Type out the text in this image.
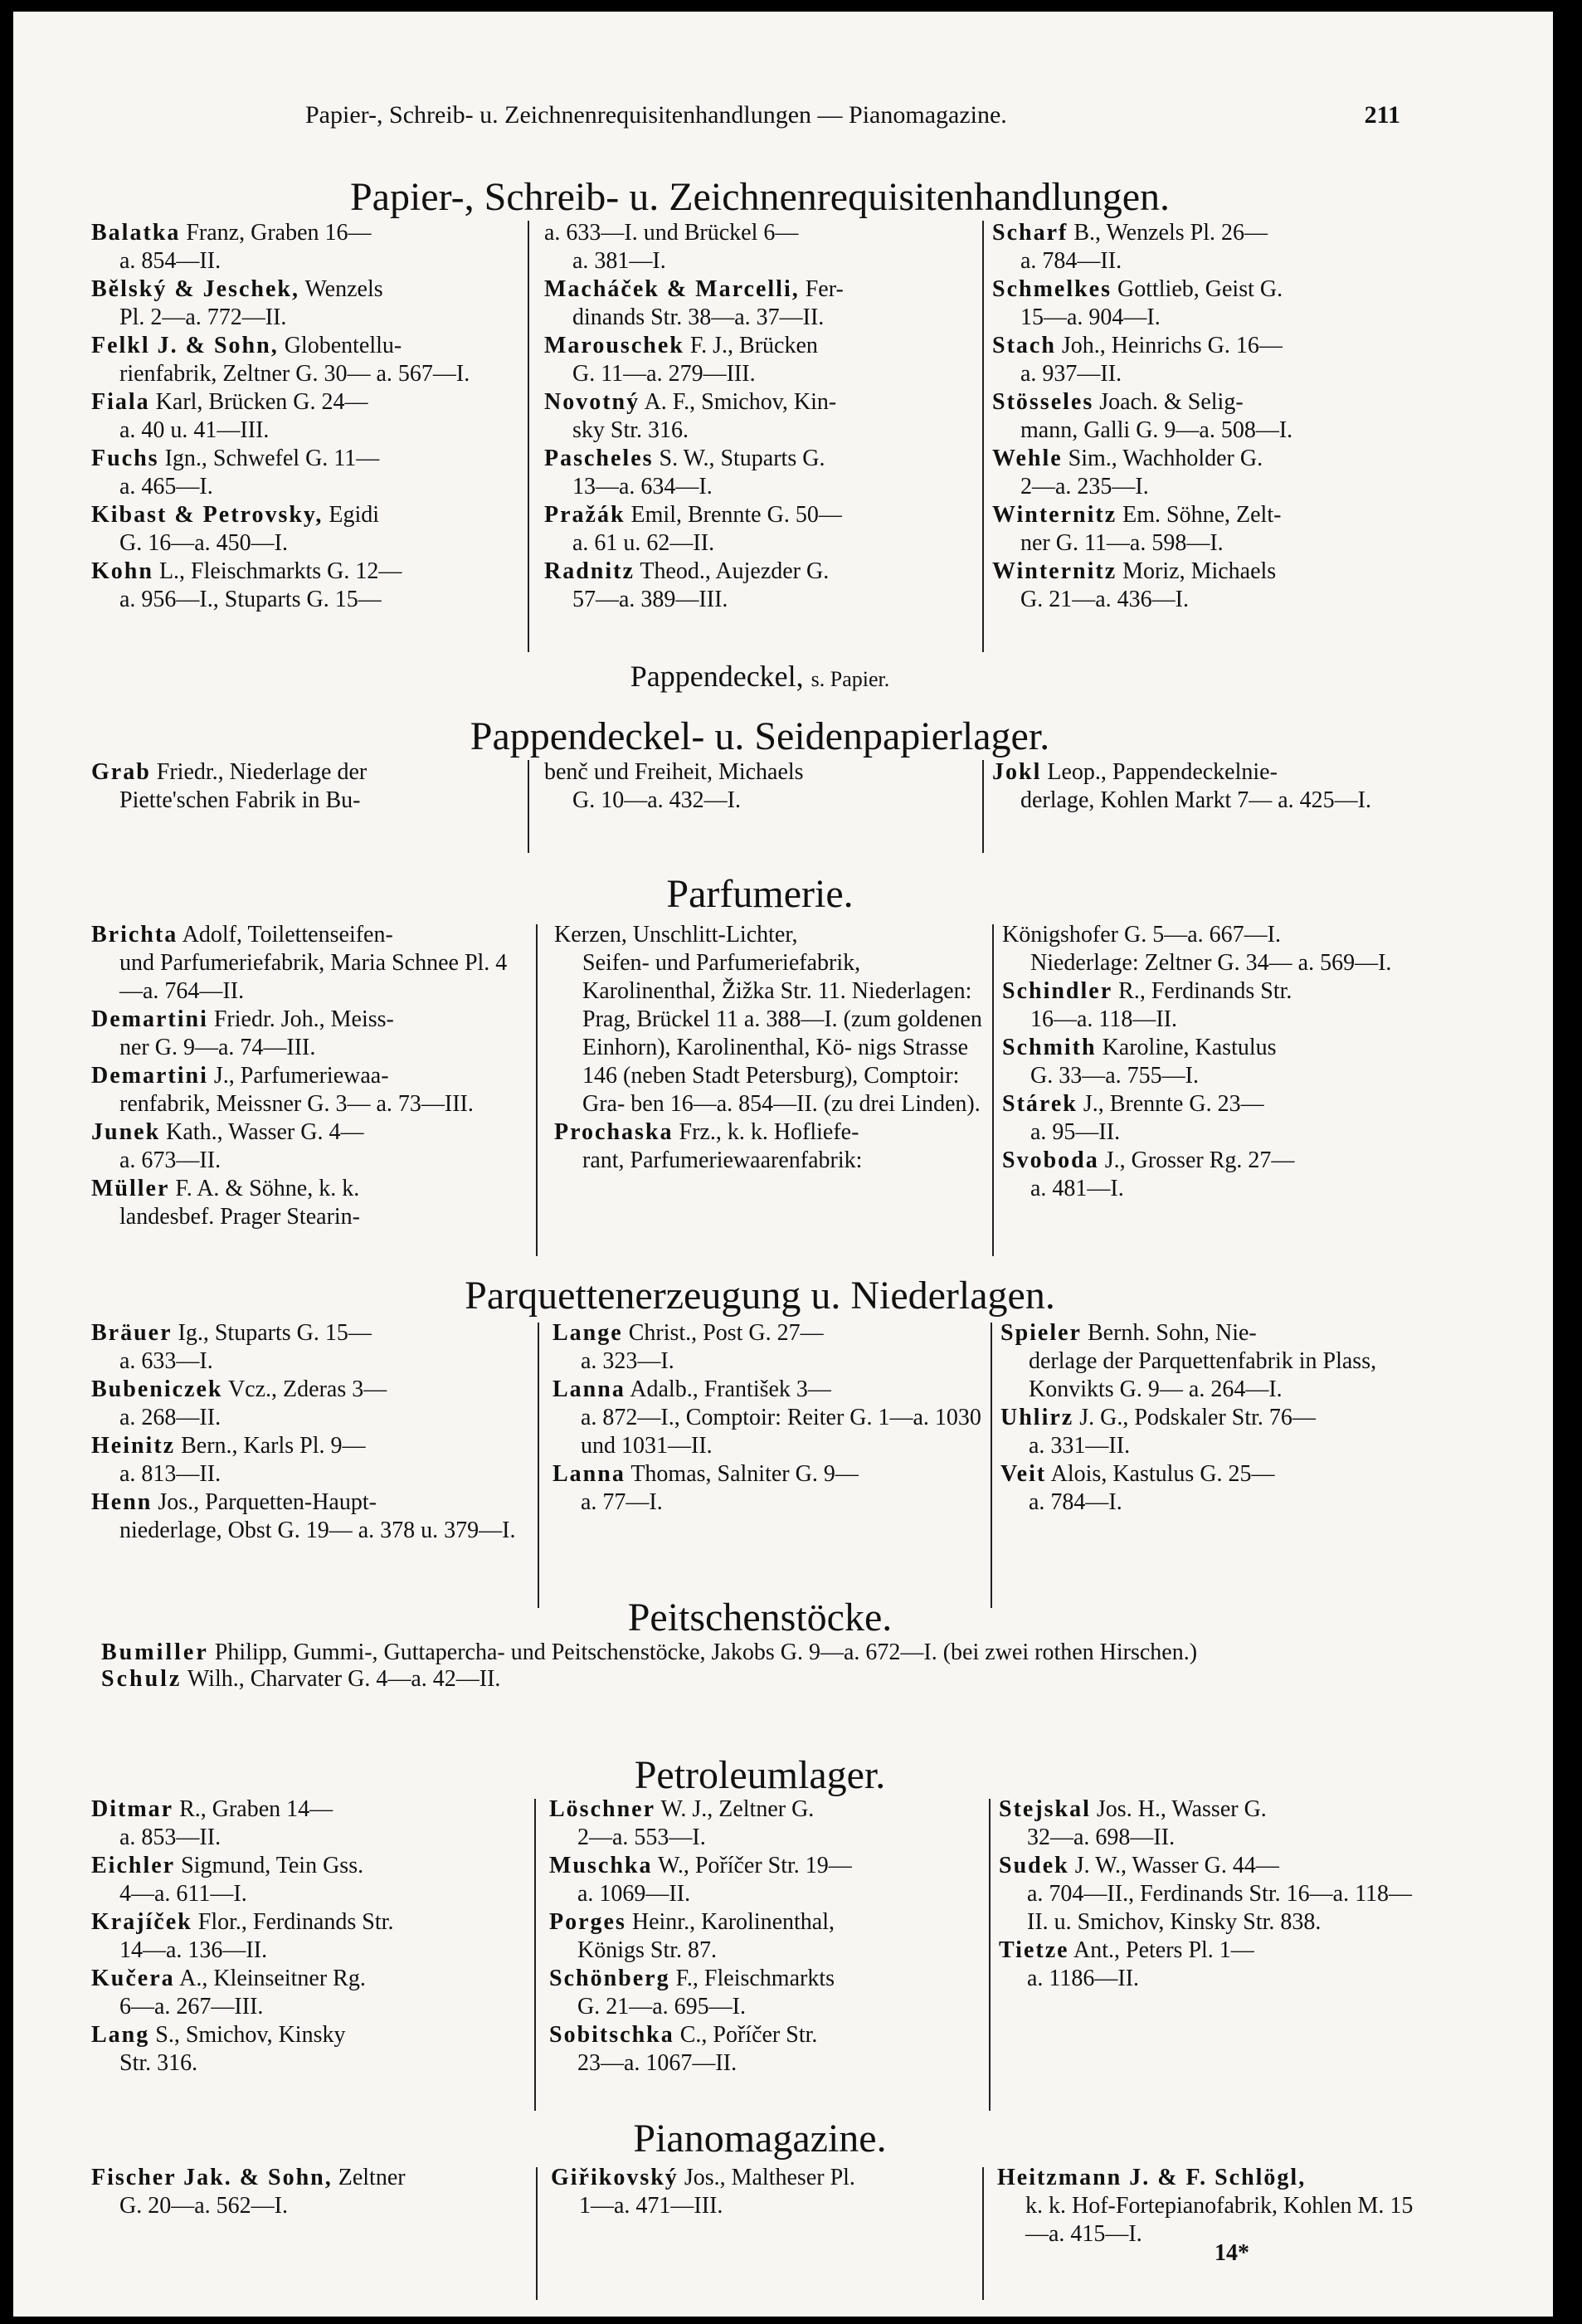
Papier-, Schreib- u. Zeichnenrequisitenhandlungen — Pianomagazine.	211
Papier-, Schreib- u. Zeichnenrequisitenhandlungen.

Balatka Franz, Graben 16—
a. 854—II.

Bělský & Jeschek, Wenzels
Pl. 2—a. 772—II.

Felkl J. & Sohn, Globentellu-
rienfabrik, Zeltner G. 30— a. 567—I.

Fiala Karl, Brücken G. 24—
a. 40 u. 41—III.

Fuchs Ign., Schwefel G. 11—
a. 465—I.

Kibast & Petrovsky, Egidi
G. 16—a. 450—I.

Kohn L., Fleischmarkts G. 12—
a. 956—I., Stuparts G. 15—

a. 633—I. und Brückel 6—
a. 381—I.

Macháček & Marcelli, Fer-
dinands Str. 38—a. 37—II.

Marouschek F. J., Brücken
G. 11—a. 279—III.

Novotný A. F., Smichov, Kin-
sky Str. 316.

Pascheles S. W., Stuparts G.
13—a. 634—I.

Pražák Emil, Brennte G. 50—
a. 61 u. 62—II.

Radnitz Theod., Aujezder G.
57—a. 389—III.

Scharf B., Wenzels Pl. 26—
a. 784—II.

Schmelkes Gottlieb, Geist G.
15—a. 904—I.

Stach Joh., Heinrichs G. 16—
a. 937—II.

Stösseles Joach. & Selig-
mann, Galli G. 9—a. 508—I.

Wehle Sim., Wachholder G.
2—a. 235—I.

Winternitz Em. Söhne, Zelt-
ner G. 11—a. 598—I.

Winternitz Moriz, Michaels
G. 21—a. 436—I.

Pappendeckel, s. Papier.

Pappendeckel- u. Seidenpapierlager.

Grab Friedr., Niederlage der
Piette'schen Fabrik in Bu-

benč und Freiheit, Michaels
G. 10—a. 432—I.

Jokl Leop., Pappendeckelnie-
derlage, Kohlen Markt 7— a. 425—I.

Parfumerie.

Brichta Adolf, Toilettenseifen-
und Parfumeriefabrik, Maria Schnee Pl. 4—a. 764—II.

Demartini Friedr. Joh., Meiss-
ner G. 9—a. 74—III.

Demartini J., Parfumeriewaa-
renfabrik, Meissner G. 3— a. 73—III.

Junek Kath., Wasser G. 4—
a. 673—II.

Müller F. A. & Söhne, k. k.
landesbef. Prager Stearin-

Kerzen, Unschlitt-Lichter,
Seifen- und Parfumeriefabrik, Karolinenthal, Žižka Str. 11. Niederlagen: Prag, Brückel 11 a. 388—I. (zum goldenen Einhorn), Karolinenthal, Kö- nigs Strasse 146 (neben Stadt Petersburg), Comptoir: Gra- ben 16—a. 854—II. (zu drei Linden).

Prochaska Frz., k. k. Hofliefe-
rant, Parfumeriewaarenfabrik:

Königshofer G. 5—a. 667—I.
Niederlage: Zeltner G. 34— a. 569—I.

Schindler R., Ferdinands Str.
16—a. 118—II.

Schmith Karoline, Kastulus
G. 33—a. 755—I.

Stárek J., Brennte G. 23—
a. 95—II.

Svoboda J., Grosser Rg. 27—
a. 481—I.

Parquettenerzeugung u. Niederlagen.

Bräuer Ig., Stuparts G. 15—
a. 633—I.

Bubeniczek Vcz., Zderas 3—
a. 268—II.

Heinitz Bern., Karls Pl. 9—
a. 813—II.

Henn Jos., Parquetten-Haupt-
niederlage, Obst G. 19— a. 378 u. 379—I.

Lange Christ., Post G. 27—
a. 323—I.

Lanna Adalb., František 3—
a. 872—I., Comptoir: Reiter G. 1—a. 1030 und 1031—II.

Lanna Thomas, Salniter G. 9—
a. 77—I.

Spieler Bernh. Sohn, Nie-
derlage der Parquettenfabrik in Plass, Konvikts G. 9— a. 264—I.

Uhlirz J. G., Podskaler Str. 76—
a. 331—II.

Veit Alois, Kastulus G. 25—
a. 784—I.

Peitschenstöcke.

Bumiller Philipp, Gummi-, Guttapercha- und Peitschenstöcke, Jakobs G. 9—a. 672—I. (bei zwei rothen Hirschen.)

Schulz Wilh., Charvater G. 4—a. 42—II.

Petroleumlager.

Ditmar R., Graben 14—
a. 853—II.

Eichler Sigmund, Tein Gss.
4—a. 611—I.

Krajíček Flor., Ferdinands Str.
14—a. 136—II.

Kučera A., Kleinseitner Rg.
6—a. 267—III.

Lang S., Smichov, Kinsky
Str. 316.

Löschner W. J., Zeltner G.
2—a. 553—I.

Muschka W., Poříčer Str. 19—
a. 1069—II.

Porges Heinr., Karolinenthal,
Königs Str. 87.

Schönberg F., Fleischmarkts
G. 21—a. 695—I.

Sobitschka C., Poříčer Str.
23—a. 1067—II.

Stejskal Jos. H., Wasser G.
32—a. 698—II.

Sudek J. W., Wasser G. 44—
a. 704—II., Ferdinands Str. 16—a. 118—II. u. Smichov, Kinsky Str. 838.

Tietze Ant., Peters Pl. 1—
a. 1186—II.

Pianomagazine.

Fischer Jak. & Sohn, Zeltner
G. 20—a. 562—I.

Giřikovský Jos., Maltheser Pl.
1—a. 471—III.

Heitzmann J. & F. Schlögl,
k. k. Hof-Fortepianofabrik, Kohlen M. 15—a. 415—I.

14*
